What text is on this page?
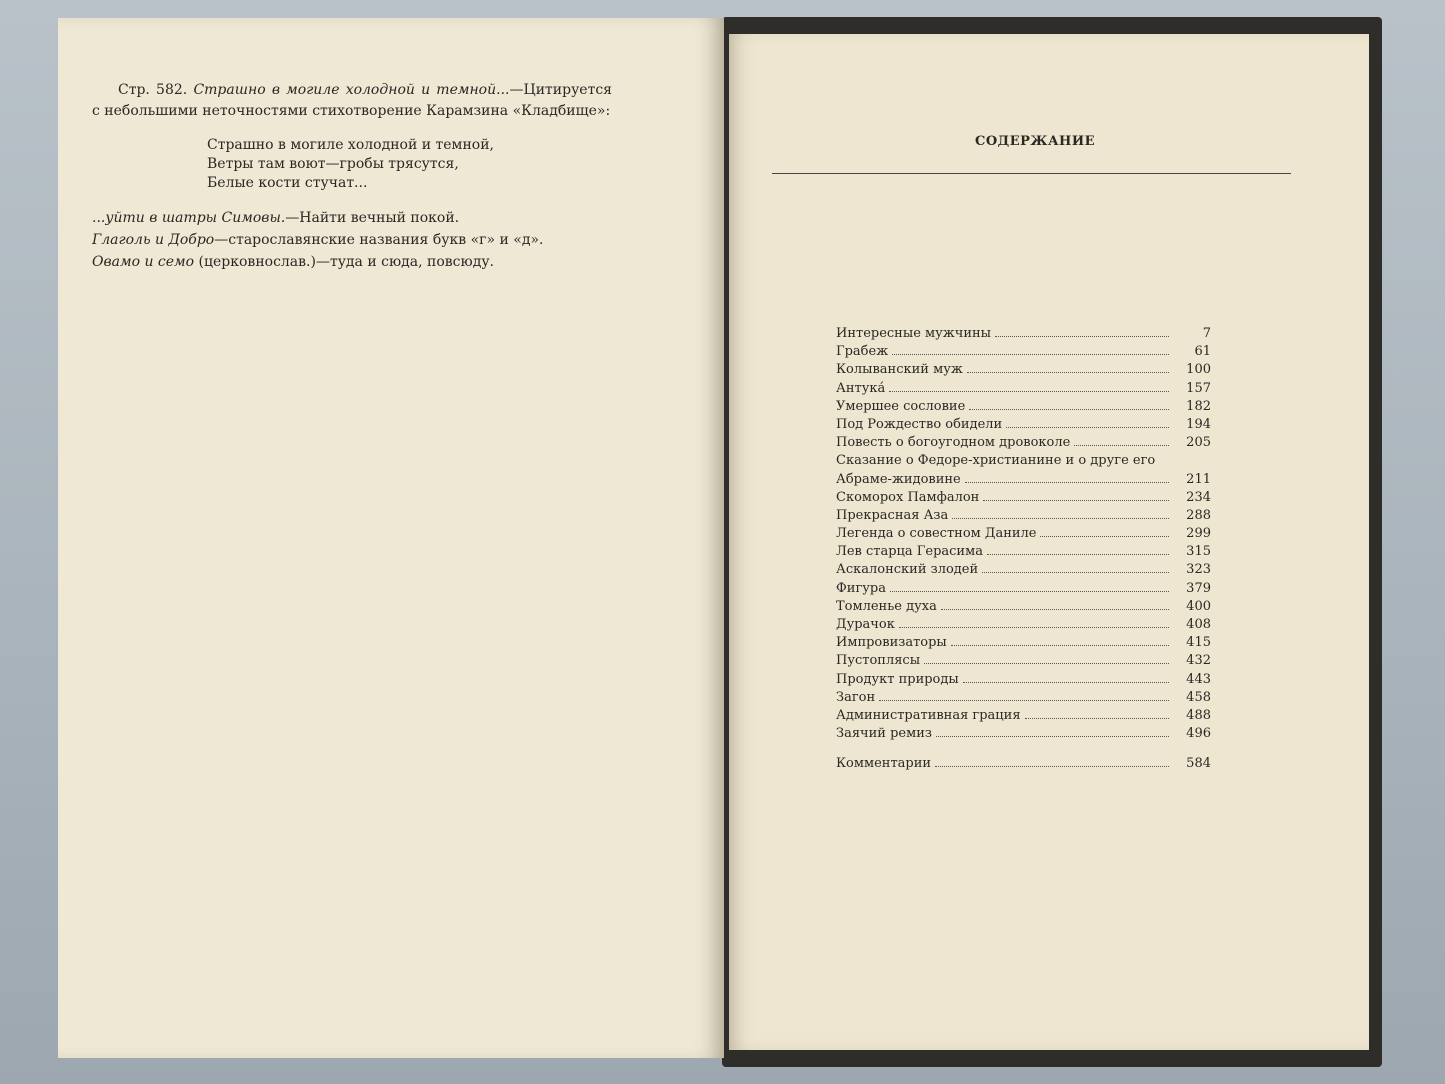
Стр. 582. Страшно в могиле холодной и темной...—Цитируется с небольшими неточностями стихотворение Карамзина «Кладбище»:

Страшно в могиле холодной и темной,
Ветры там воют—гробы трясутся,
Белые кости стучат...

...уйти в шатры Симовы.—Найти вечный покой.

Глаголь и Добро—старославянские названия букв «г» и «д».

Овамо и семо (церковнослав.)—туда и сюда, повсюду.

СОДЕРЖАНИЕ
Интересные мужчины	7
Грабеж	61
Колыванский муж	100
Антука́	157
Умершее сословие	182
Под Рождество обидели	194
Повесть о богоугодном дровоколе	205
Сказание о Федоре-христианине и о друге его
Абраме-жидовине	211
Скоморох Памфалон	234
Прекрасная Аза	288
Легенда о совестном Даниле	299
Лев старца Герасима	315
Аскалонский злодей	323
Фигура	379
Томленье духа	400
Дурачок	408
Импровизаторы	415
Пустоплясы	432
Продукт природы	443
Загон	458
Административная грация	488
Заячий ремиз	496
Комментарии	584
